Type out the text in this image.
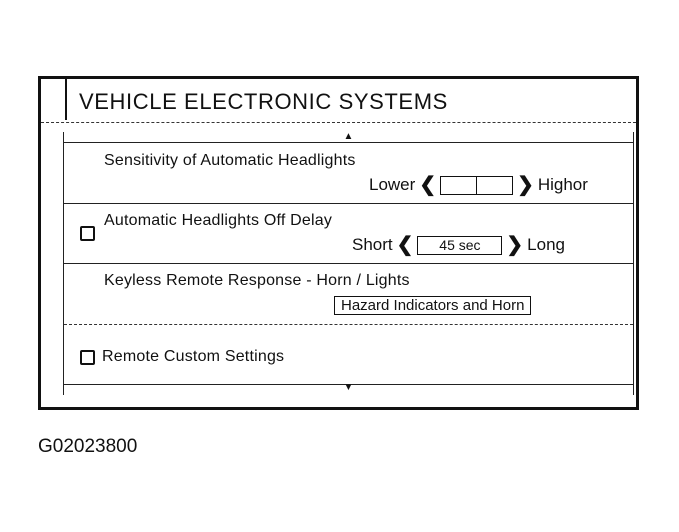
VEHICLE ELECTRONIC SYSTEMS
▲
Sensitivity of Automatic Headlights
Lower ❮	❯ Highor
Automatic Headlights Off Delay
Short ❮	45 sec	❯ Long
Keyless Remote Response - Horn / Lights
Hazard Indicators and Horn
Remote Custom Settings
▼
G02023800
